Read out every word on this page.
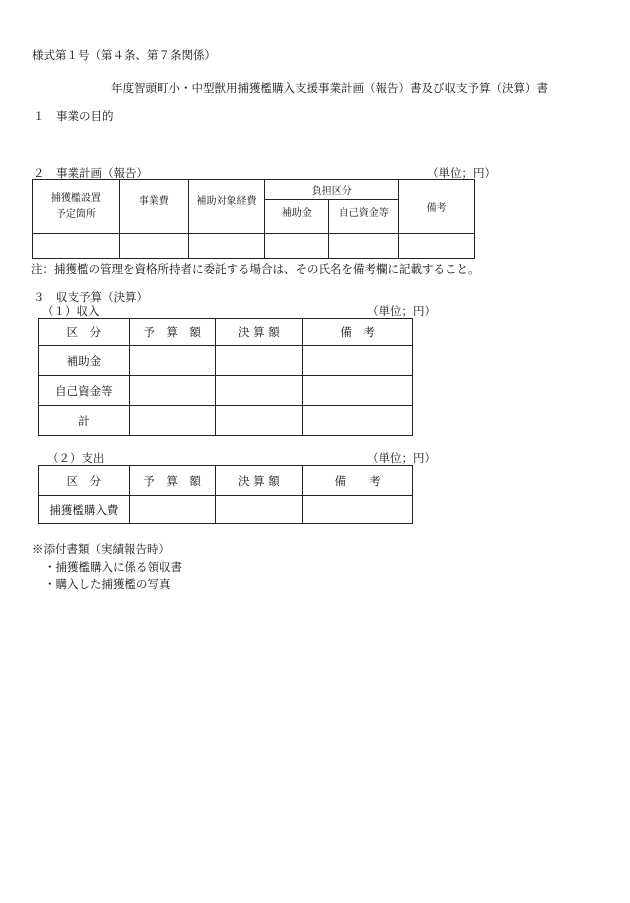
様式第１号（第４条、第７条関係）
年度智頭町小・中型獣用捕獲檻購入支援事業計画（報告）書及び収支予算（決算）書
１　事業の目的
２　事業計画（報告）	（単位；円）
捕獲檻設置
予定箇所	事業費	補助対象経費	負担区分		備考
			補助金	自己資金等	

注：捕獲檻の管理を資格所持者に委託する場合は、その氏名を備考欄に記載すること。
３　収支予算（決算）
（１）収入	（単位；円）
区　分	予　算　額	決 算 額	備　考
補助金			
自己資金等			
計			
（２）支出	（単位；円）
区　分	予　算　額	決 算 額	備　　考
捕獲檻購入費			
※添付書類（実績報告時）
・捕獲檻購入に係る領収書
・購入した捕獲檻の写真
